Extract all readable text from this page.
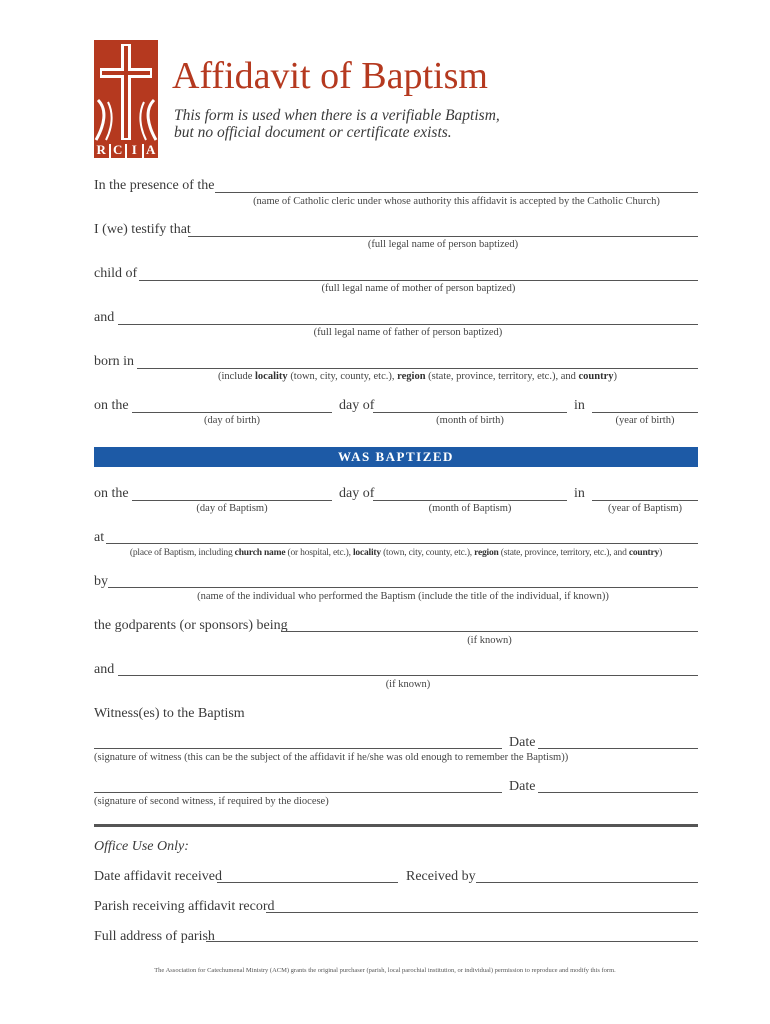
R C I A
Affidavit of Baptism
This form is used when there is a verifiable Baptism,
but no official document or certificate exists.
In the presence of the
(name of Catholic cleric under whose authority this affidavit is accepted by the Catholic Church)
I (we) testify that
(full legal name of person baptized)
child of
(full legal name of mother of person baptized)
and
(full legal name of father of person baptized)
born in
(include locality (town, city, county, etc.), region (state, province, territory, etc.), and country)
on the	day of	in
(day of birth)	(month of birth)	(year of birth)
WAS BAPTIZED
on the	day of	in
(day of Baptism)	(month of Baptism)	(year of Baptism)
at
(place of Baptism, including church name (or hospital, etc.), locality (town, city, county, etc.), region (state, province, territory, etc.), and country)
by
(name of the individual who performed the Baptism (include the title of the individual, if known))
the godparents (or sponsors) being
(if known)
and
(if known)
Witness(es) to the Baptism
Date
(signature of witness (this can be the subject of the affidavit if he/she was old enough to remember the Baptism))
Date
(signature of second witness, if required by the diocese)
Office Use Only:
Date affidavit received	Received by
Parish receiving affidavit record
Full address of parish
The Association for Catechumenal Ministry (ACM) grants the original purchaser (parish, local parochial institution, or individual) permission to reproduce and modify this form.
